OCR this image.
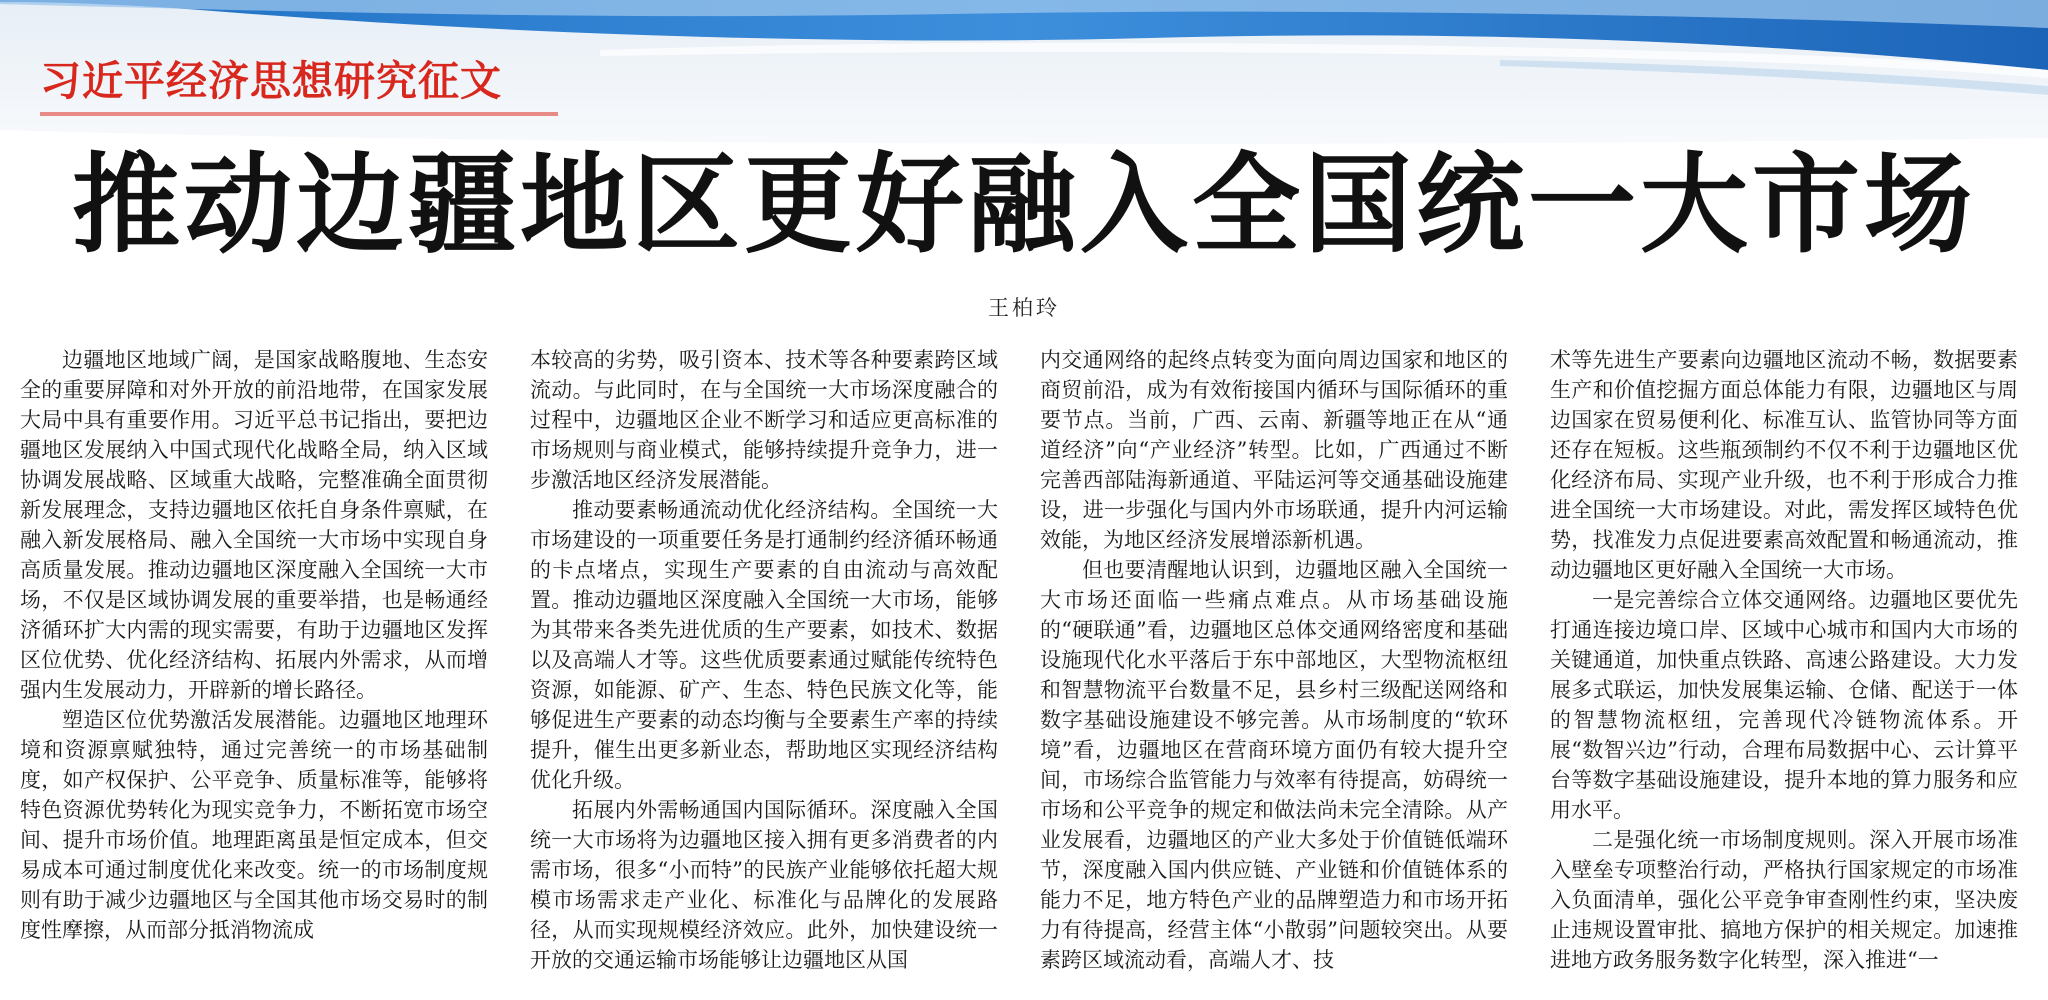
习近平经济思想研究征文
推动边疆地区更好融入全国统一大市场
王柏玲

边疆地区地域广阔，是国家战略腹地、生态安全的重要屏障和对外开放的前沿地带，在国家发展大局中具有重要作用。习近平总书记指出，要把边疆地区发展纳入中国式现代化战略全局，纳入区域协调发展战略、区域重大战略，完整准确全面贯彻新发展理念，支持边疆地区依托自身条件禀赋，在融入新发展格局、融入全国统一大市场中实现自身高质量发展。推动边疆地区深度融入全国统一大市场，不仅是区域协调发展的重要举措，也是畅通经济循环扩大内需的现实需要，有助于边疆地区发挥区位优势、优化经济结构、拓展内外需求，从而增强内生发展动力，开辟新的增长路径。

塑造区位优势激活发展潜能。边疆地区地理环境和资源禀赋独特，通过完善统一的市场基础制度，如产权保护、公平竞争、质量标准等，能够将特色资源优势转化为现实竞争力，不断拓宽市场空间、提升市场价值。地理距离虽是恒定成本，但交易成本可通过制度优化来改变。统一的市场制度规则有助于减少边疆地区与全国其他市场交易时的制度性摩擦，从而部分抵消物流成

本较高的劣势，吸引资本、技术等各种要素跨区域流动。与此同时，在与全国统一大市场深度融合的过程中，边疆地区企业不断学习和适应更高标准的市场规则与商业模式，能够持续提升竞争力，进一步激活地区经济发展潜能。

推动要素畅通流动优化经济结构。全国统一大市场建设的一项重要任务是打通制约经济循环畅通的卡点堵点，实现生产要素的自由流动与高效配置。推动边疆地区深度融入全国统一大市场，能够为其带来各类先进优质的生产要素，如技术、数据以及高端人才等。这些优质要素通过赋能传统特色资源，如能源、矿产、生态、特色民族文化等，能够促进生产要素的动态均衡与全要素生产率的持续提升，催生出更多新业态，帮助地区实现经济结构优化升级。

拓展内外需畅通国内国际循环。深度融入全国统一大市场将为边疆地区接入拥有更多消费者的内需市场，很多“小而特”的民族产业能够依托超大规模市场需求走产业化、标准化与品牌化的发展路径，从而实现规模经济效应。此外，加快建设统一开放的交通运输市场能够让边疆地区从国

内交通网络的起终点转变为面向周边国家和地区的商贸前沿，成为有效衔接国内循环与国际循环的重要节点。当前，广西、云南、新疆等地正在从“通道经济”向“产业经济”转型。比如，广西通过不断完善西部陆海新通道、平陆运河等交通基础设施建设，进一步强化与国内外市场联通，提升内河运输效能，为地区经济发展增添新机遇。

但也要清醒地认识到，边疆地区融入全国统一大市场还面临一些痛点难点。从市场基础设施的“硬联通”看，边疆地区总体交通网络密度和基础设施现代化水平落后于东中部地区，大型物流枢纽和智慧物流平台数量不足，县乡村三级配送网络和数字基础设施建设不够完善。从市场制度的“软环境”看，边疆地区在营商环境方面仍有较大提升空间，市场综合监管能力与效率有待提高，妨碍统一市场和公平竞争的规定和做法尚未完全清除。从产业发展看，边疆地区的产业大多处于价值链低端环节，深度融入国内供应链、产业链和价值链体系的能力不足，地方特色产业的品牌塑造力和市场开拓力有待提高，经营主体“小散弱”问题较突出。从要素跨区域流动看，高端人才、技

术等先进生产要素向边疆地区流动不畅，数据要素生产和价值挖掘方面总体能力有限，边疆地区与周边国家在贸易便利化、标准互认、监管协同等方面还存在短板。这些瓶颈制约不仅不利于边疆地区优化经济布局、实现产业升级，也不利于形成合力推进全国统一大市场建设。对此，需发挥区域特色优势，找准发力点促进要素高效配置和畅通流动，推动边疆地区更好融入全国统一大市场。

一是完善综合立体交通网络。边疆地区要优先打通连接边境口岸、区域中心城市和国内大市场的关键通道，加快重点铁路、高速公路建设。大力发展多式联运，加快发展集运输、仓储、配送于一体的智慧物流枢纽，完善现代冷链物流体系。开展“数智兴边”行动，合理布局数据中心、云计算平台等数字基础设施建设，提升本地的算力服务和应用水平。

二是强化统一市场制度规则。深入开展市场准入壁垒专项整治行动，严格执行国家规定的市场准入负面清单，强化公平竞争审查刚性约束，坚决废止违规设置审批、搞地方保护的相关规定。加速推进地方政务服务数字化转型，深入推进“一
